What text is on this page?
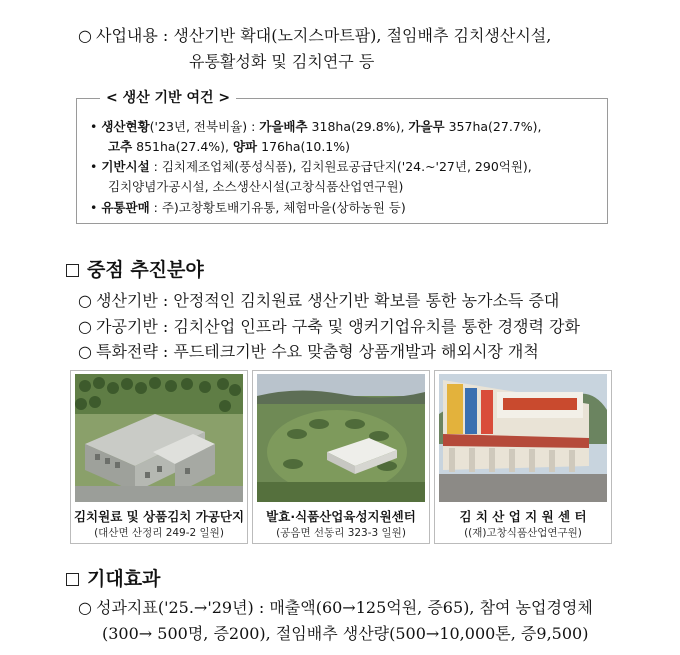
○ 사업내용 : 생산기반 확대(노지스마트팜), 절임배추 김치생산시설,
유통활성화 및 김치연구 등
< 생산 기반 여건 >
• 생산현황('23년, 전북비율) : 가을배추 318ha(29.8%), 가을무 357ha(27.7%),
고추 851ha(27.4%), 양파 176ha(10.1%)
• 기반시설 : 김치제조업체(풍성식품), 김치원료공급단지('24.~'27년, 290억원),
김치양념가공시설, 소스생산시설(고창식품산업연구원)
• 유통판매 : 주)고창황토배기유통, 체험마을(상하농원 등)
중점 추진분야
○ 생산기반 : 안정적인 김치원료 생산기반 확보를 통한 농가소득 증대
○ 가공기반 : 김치산업 인프라 구축 및 앵커기업유치를 통한 경쟁력 강화
○ 특화전략 : 푸드테크기반 수요 맞춤형 상품개발과 해외시장 개척
김치원료 및 상품김치 가공단지
(대산면 산정리 249-2 일원)
발효·식품산업육성지원센터
(공음면 선동리 323-3 일원)
김 치 산 업 지 원 센 터
((재)고창식품산업연구원)
기대효과
○ 성과지표('25.→'29년) : 매출액(60→125억원, 증65), 참여 농업경영체
(300→ 500명, 증200), 절임배추 생산량(500→10,000톤, 증9,500)
